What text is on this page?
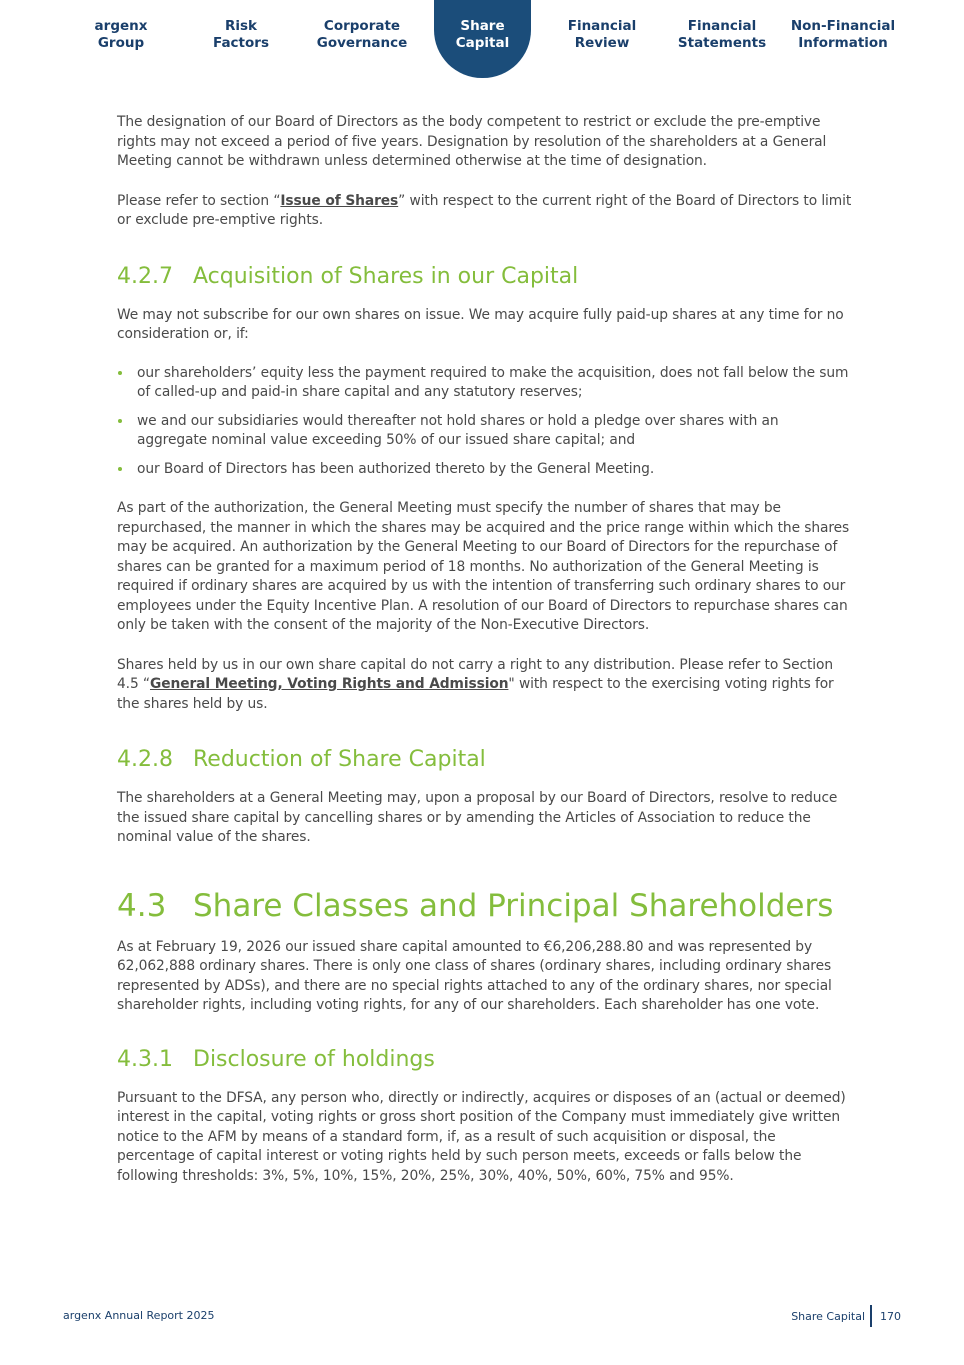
argenx
Group
Risk
Factors
Corporate
Governance
Share
Capital
Financial
Review
Financial
Statements
Non-Financial
Information

The designation of our Board of Directors as the body competent to restrict or exclude the pre-emptive rights may not exceed a period of five years. Designation by resolution of the shareholders at a General Meeting cannot be withdrawn unless determined otherwise at the time of designation.

Please refer to section “Issue of Shares” with respect to the current right of the Board of Directors to limit or exclude pre-emptive rights.

4.2.7 Acquisition of Shares in our Capital

We may not subscribe for our own shares on issue. We may acquire fully paid-up shares at any time for no consideration or, if:

our shareholders’ equity less the payment required to make the acquisition, does not fall below the sum of called-up and paid-in share capital and any statutory reserves;

we and our subsidiaries would thereafter not hold shares or hold a pledge over shares with an aggregate nominal value exceeding 50% of our issued share capital; and

our Board of Directors has been authorized thereto by the General Meeting.

As part of the authorization, the General Meeting must specify the number of shares that may be repurchased, the manner in which the shares may be acquired and the price range within which the shares may be acquired. An authorization by the General Meeting to our Board of Directors for the repurchase of shares can be granted for a maximum period of 18 months. No authorization of the General Meeting is required if ordinary shares are acquired by us with the intention of transferring such ordinary shares to our employees under the Equity Incentive Plan. A resolution of our Board of Directors to repurchase shares can only be taken with the consent of the majority of the Non-Executive Directors.

Shares held by us in our own share capital do not carry a right to any distribution. Please refer to Section 4.5 “General Meeting, Voting Rights and Admission" with respect to the exercising voting rights for the shares held by us.

4.2.8 Reduction of Share Capital

The shareholders at a General Meeting may, upon a proposal by our Board of Directors, resolve to reduce the issued share capital by cancelling shares or by amending the Articles of Association to reduce the nominal value of the shares.

4.3 Share Classes and Principal Shareholders

As at February 19, 2026 our issued share capital amounted to €6,206,288.80 and was represented by 62,062,888 ordinary shares. There is only one class of shares (ordinary shares, including ordinary shares represented by ADSs), and there are no special rights attached to any of the ordinary shares, nor special shareholder rights, including voting rights, for any of our shareholders. Each shareholder has one vote.

4.3.1 Disclosure of holdings

Pursuant to the DFSA, any person who, directly or indirectly, acquires or disposes of an (actual or deemed) interest in the capital, voting rights or gross short position of the Company must immediately give written notice to the AFM by means of a standard form, if, as a result of such acquisition or disposal, the percentage of capital interest or voting rights held by such person meets, exceeds or falls below the following thresholds: 3%, 5%, 10%, 15%, 20%, 25%, 30%, 40%, 50%, 60%, 75% and 95%.

argenx Annual Report 2025	Share Capital 170
